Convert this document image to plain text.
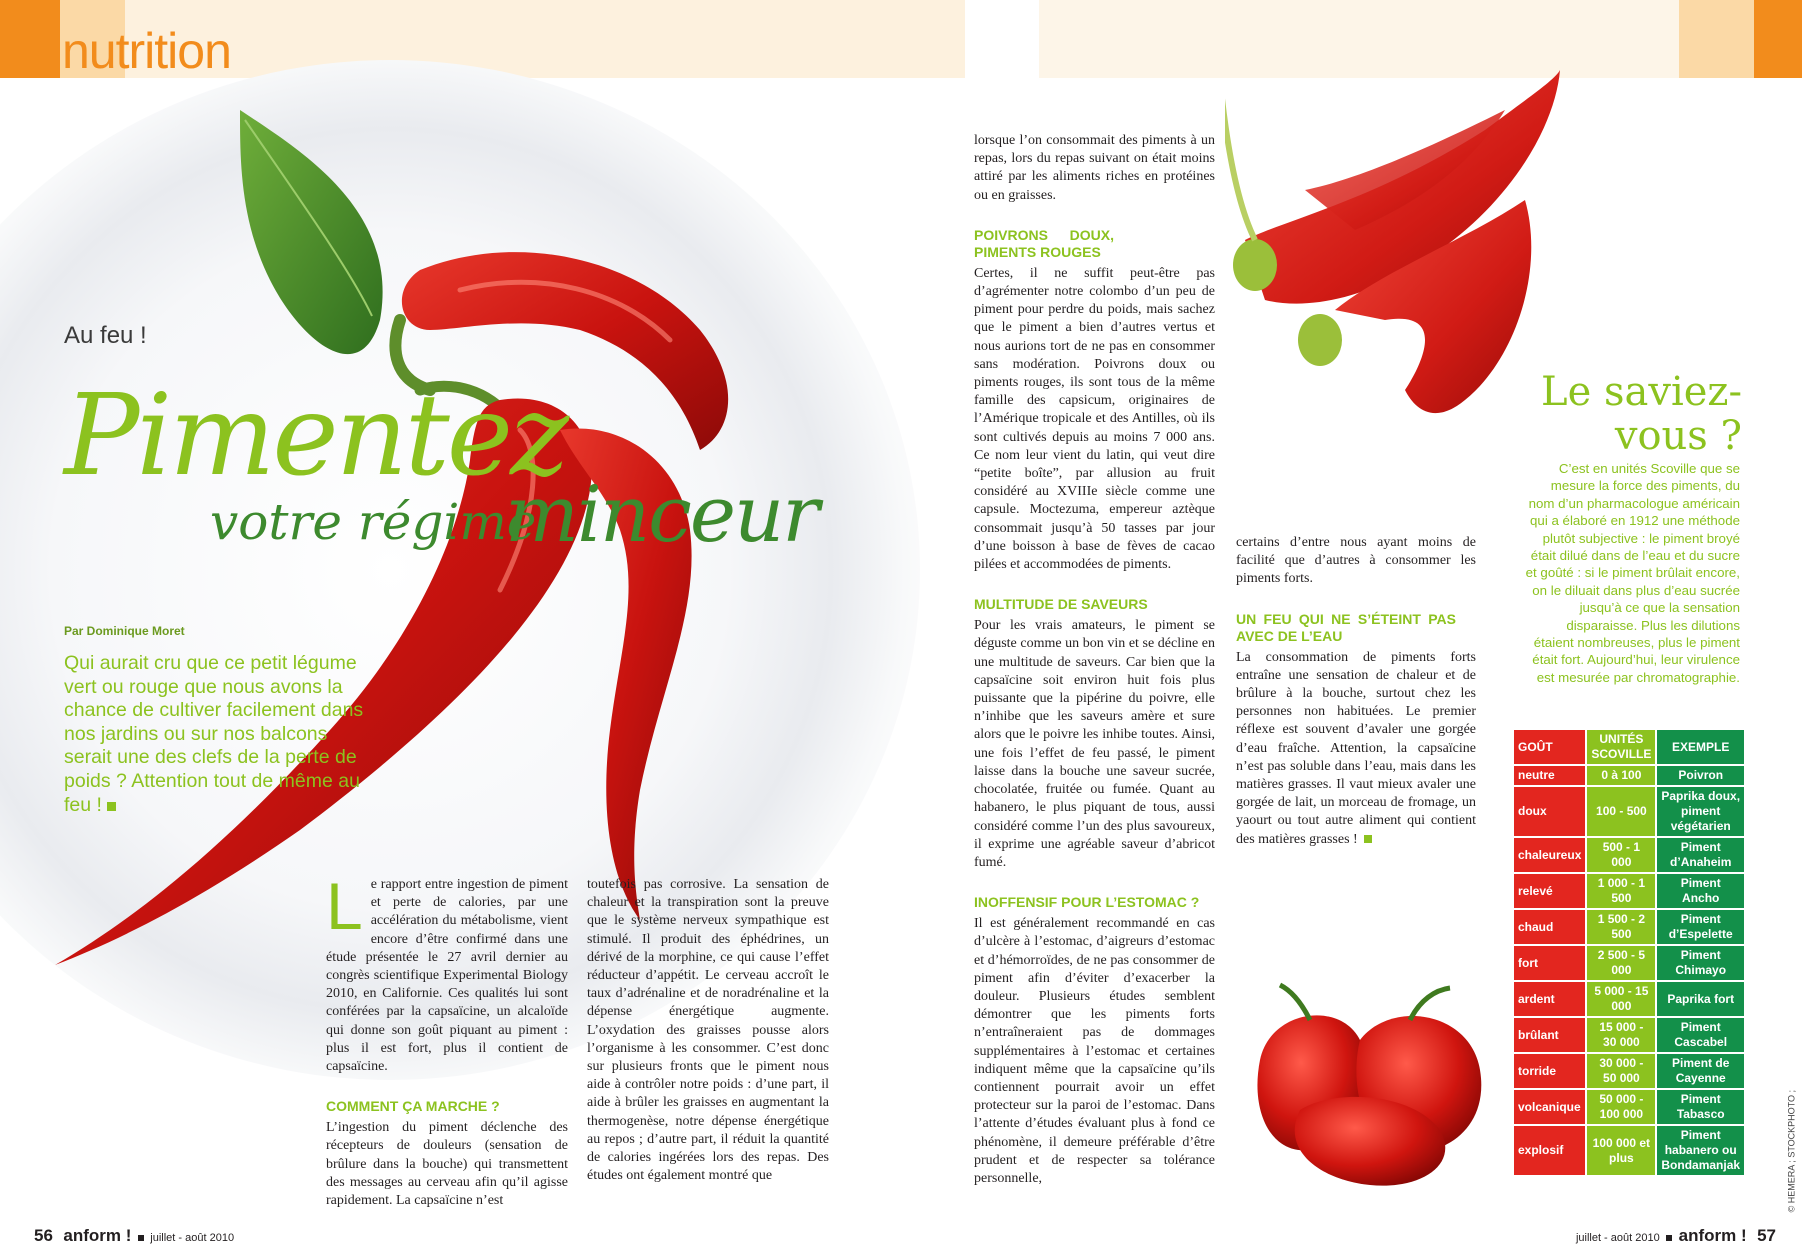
nutrition
Au feu !
Pimentez
votre régime
minceur
Par Dominique Moret
Qui aurait cru que ce petit légume vert ou rouge que nous avons la chance de cultiver facilement dans nos jardins ou sur nos balcons serait une des clefs de la perte de poids ? Attention tout de même au feu !

Le rapport entre ingestion de piment et perte de calories, par une accélération du métabolisme, vient encore d’être confirmé dans une étude présentée le 27 avril dernier au congrès scientifique Experimental Biology 2010, en Californie. Ces qualités lui sont conférées par la capsaïcine, un alcaloïde qui donne son goût piquant au piment : plus il est fort, plus il contient de capsaïcine.

COMMENT ÇA MARCHE ?

L’ingestion du piment déclenche des récepteurs de douleurs (sensation de brûlure dans la bouche) qui transmettent des messages au cerveau afin qu’il agisse rapidement. La capsaïcine n’est

toutefois pas corrosive. La sensation de chaleur et la transpiration sont la preuve que le système nerveux sympathique est stimulé. Il produit des éphédrines, un dérivé de la morphine, ce qui cause l’effet réducteur d’appétit. Le cerveau accroît le taux d’adrénaline et de noradrénaline et la dépense énergétique augmente. L’oxydation des graisses pousse alors l’organisme à les consommer. C’est donc sur plusieurs fronts que le piment nous aide à contrôler notre poids : d’une part, il aide à brûler les graisses en augmentant la thermogenèse, notre dépense énergétique au repos ; d’autre part, il réduit la quantité de calories ingérées lors des repas. Des études ont également montré que

56 anform ! juillet - août 2010

lorsque l’on consommait des piments à un repas, lors du repas suivant on était moins attiré par les aliments riches en protéines ou en graisses.

POIVRONS DOUX, PIMENTS ROUGES

Certes, il ne suffit peut-être pas d’agrémenter notre colombo d’un peu de piment pour perdre du poids, mais sachez que le piment a bien d’autres vertus et nous aurions tort de ne pas en consommer sans modération. Poivrons doux ou piments rouges, ils sont tous de la même famille des capsicum, originaires de l’Amérique tropicale et des Antilles, où ils sont cultivés depuis au moins 7 000 ans. Ce nom leur vient du latin, qui veut dire “petite boîte”, par allusion au fruit considéré au XVIIIe siècle comme une capsule. Moctezuma, empereur aztèque consommait jusqu’à 50 tasses par jour d’une boisson à base de fèves de cacao pilées et accommodées de piments.

MULTITUDE DE SAVEURS

Pour les vrais amateurs, le piment se déguste comme un bon vin et se décline en une multitude de saveurs. Car bien que la capsaïcine soit environ huit fois plus puissante que la pipérine du poivre, elle n’inhibe que les saveurs amère et sure alors que le poivre les inhibe toutes. Ainsi, une fois l’effet de feu passé, le piment laisse dans la bouche une saveur sucrée, chocolatée, fruitée ou fumée. Quant au habanero, le plus piquant de tous, aussi considéré comme l’un des plus savoureux, il exprime une agréable saveur d’abricot fumé.

INOFFENSIF POUR L’ESTOMAC ?

Il est généralement recommandé en cas d’ulcère à l’estomac, d’aigreurs d’estomac et d’hémorroïdes, de ne pas consommer de piment afin d’éviter d’exacerber la douleur. Plusieurs études semblent démontrer que les piments forts n’entraîneraient pas de dommages supplémentaires à l’estomac et certaines indiquent même que la capsaïcine qu’ils contiennent pourrait avoir un effet protecteur sur la paroi de l’estomac. Dans l’attente d’études évaluant plus à fond ce phénomène, il demeure préférable d’être prudent et de respecter sa tolérance personnelle,

certains d’entre nous ayant moins de facilité que d’autres à consommer les piments forts.

UN FEU QUI NE S’ÉTEINT PAS AVEC DE L’EAU

La consommation de piments forts entraîne une sensation de chaleur et de brûlure à la bouche, surtout chez les personnes non habituées. Le premier réflexe est souvent d’avaler une gorgée d’eau fraîche. Attention, la capsaïcine n’est pas soluble dans l’eau, mais dans les matières grasses. Il vaut mieux avaler une gorgée de lait, un morceau de fromage, un yaourt ou tout autre aliment qui contient des matières grasses !

Le saviez-
vous ?
C’est en unités Scoville que se mesure la force des piments, du nom d’un pharmacologue américain qui a élaboré en 1912 une méthode plutôt subjective : le piment broyé était dilué dans de l’eau et du sucre et goûté : si le piment brûlait encore, on le diluait dans plus d’eau sucrée jusqu’à ce que la sensation disparaisse. Plus les dilutions étaient nombreuses, plus le piment était fort. Aujourd’hui, leur virulence est mesurée par chromatographie.
GOÛT	UNITÉS SCOVILLE	EXEMPLE
neutre	0 à 100	Poivron
doux	100 - 500	Paprika doux, piment végétarien
chaleureux	500 - 1 000	Piment d’Anaheim
relevé	1 000 - 1 500	Piment Ancho
chaud	1 500 - 2 500	Piment d’Espelette
fort	2 500 - 5 000	Piment Chimayo
ardent	5 000 - 15 000	Paprika fort
brûlant	15 000 - 30 000	Piment Cascabel
torride	30 000 - 50 000	Piment de Cayenne
volcanique	50 000 - 100 000	Piment Tabasco
explosif	100 000 et plus	Piment habanero ou Bondamanjak	© HEMERA ; STOCKPHOTO ;
juillet - août 2010 anform ! 57
